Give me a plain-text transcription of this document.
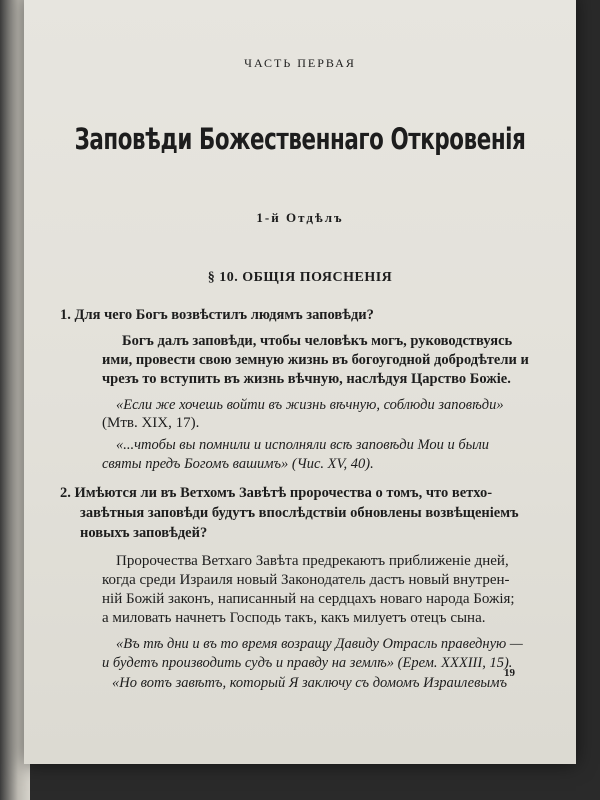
ЧАСТЬ ПЕРВАЯ
Заповѣди Божественнаго Откровенія
1-й Отдѣлъ
§ 10. ОБЩІЯ ПОЯСНЕНІЯ
1. Для чего Богъ возвѣстилъ людямъ заповѣди?
Богъ далъ заповѣди, чтобы человѣкъ могъ, руководствуясь
ими, провести свою земную жизнь въ богоугодной добродѣтели и
чрезъ то вступить въ жизнь вѣчную, наслѣдуя Царство Божіе.
«Если же хочешь войти въ жизнь вѣчную, соблюди заповѣди»
(Мтв. XIX, 17).
«...чтобы вы помнили и исполняли всѣ заповѣди Мои и были
святы предъ Богомъ вашимъ» (Чис. XV, 40).
2. Имѣются ли въ Ветхомъ Завѣтѣ пророчества о томъ, что ветхо-
завѣтныя заповѣди будутъ впослѣдствіи обновлены возвѣщеніемъ
новыхъ заповѣдей?
Пророчества Ветхаго Завѣта предрекаютъ приближеніе дней,
когда среди Израиля новый Законодатель дастъ новый внутрен-
ній Божій законъ, написанный на сердцахъ новаго народа Божія;
а миловать начнетъ Господь такъ, какъ милуетъ отецъ сына.
«Въ тѣ дни и въ то время возращу Давиду Отрасль праведную —
и будетъ производить судъ и правду на землѣ» (Ерем. XXXIII, 15).
«Но вотъ завѣтъ, который Я заключу съ домомъ Израилевымъ
19
